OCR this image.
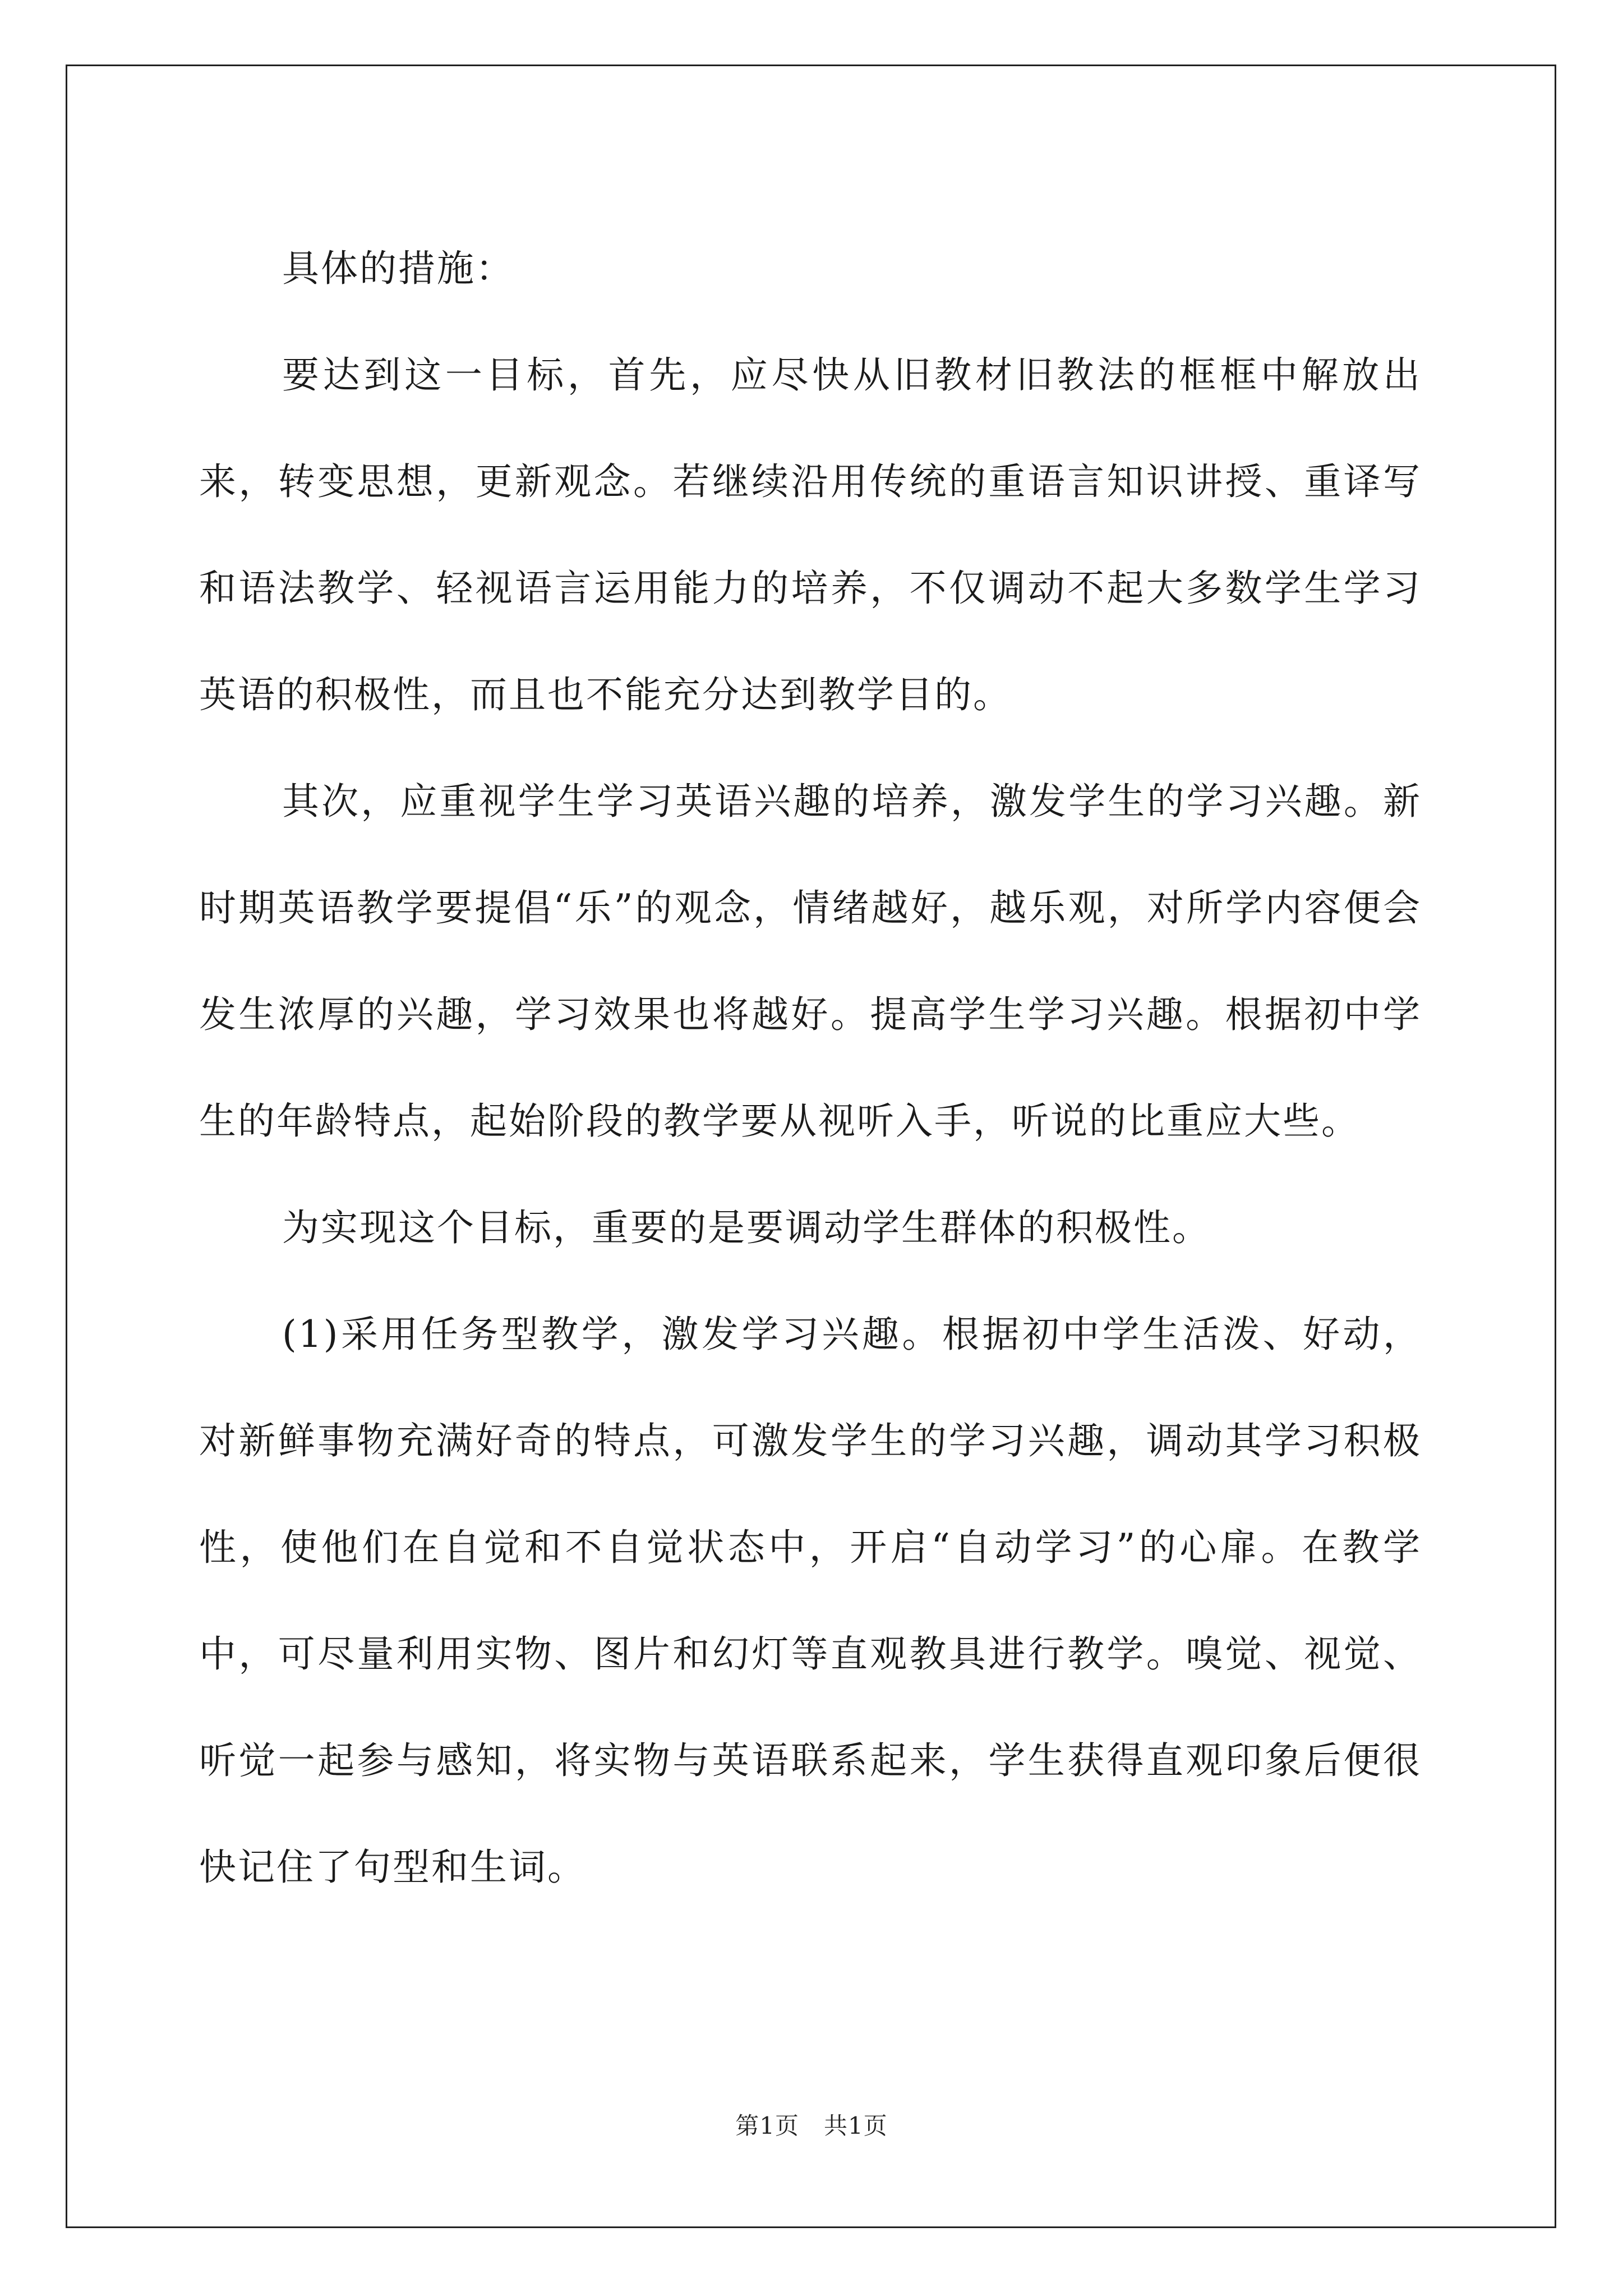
具体的措施：

要达到这一目标，首先，应尽快从旧教材旧教法的框框中解放出来，转变思想，更新观念。若继续沿用传统的重语言知识讲授、重译写和语法教学、轻视语言运用能力的培养，不仅调动不起大多数学生学习英语的积极性，而且也不能充分达到教学目的。

其次，应重视学生学习英语兴趣的培养，激发学生的学习兴趣。新时期英语教学要提倡“乐”的观念，情绪越好，越乐观，对所学内容便会发生浓厚的兴趣，学习效果也将越好。提高学生学习兴趣。根据初中学生的年龄特点，起始阶段的教学要从视听入手，听说的比重应大些。

为实现这个目标，重要的是要调动学生群体的积极性。

(1)采用任务型教学，激发学习兴趣。根据初中学生活泼、好动，对新鲜事物充满好奇的特点，可激发学生的学习兴趣，调动其学习积极性，使他们在自觉和不自觉状态中，开启“自动学习”的心扉。在教学中，可尽量利用实物、图片和幻灯等直观教具进行教学。嗅觉、视觉、听觉一起参与感知，将实物与英语联系起来，学生获得直观印象后便很快记住了句型和生词。

第1页 共1页
